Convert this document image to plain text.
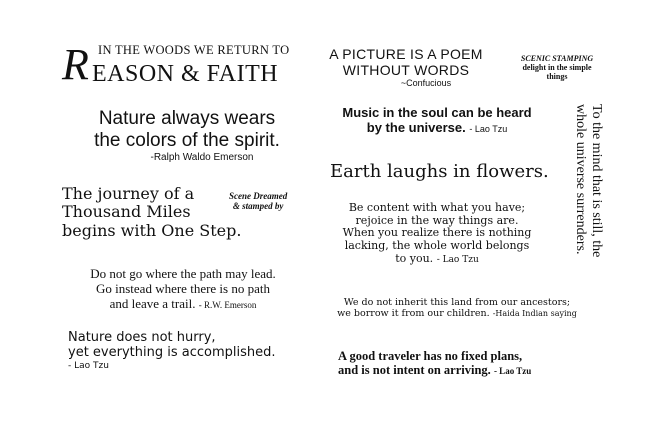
IN THE WOODS WE RETURN TO
R EASON & FAITH
A PICTURE IS A POEM
WITHOUT WORDS
~Confucious
SCENIC STAMPING
delight in the simple
things
Nature always wears
the colors of the spirit.
-Ralph Waldo Emerson
Music in the soul can be heard
by the universe. - Lao Tzu	To the mind that is still, the
whole universe surrenders.
Earth laughs in flowers.
The journey of a
Thousand Miles
begins with One Step.
Scene Dreamed
& stamped by	Be content with what you have;
rejoice in the way things are.
When you realize there is nothing
lacking, the whole world belongs
to you. - Lao Tzu
Do not go where the path may lead.
Go instead where there is no path
and leave a trail. - R.W. Emerson	We do not inherit this land from our ancestors;
we borrow it from our children. -Haida Indian saying
Nature does not hurry,
yet everything is accomplished.
- Lao Tzu
A good traveler has no fixed plans,
and is not intent on arriving. - Lao Tzu
